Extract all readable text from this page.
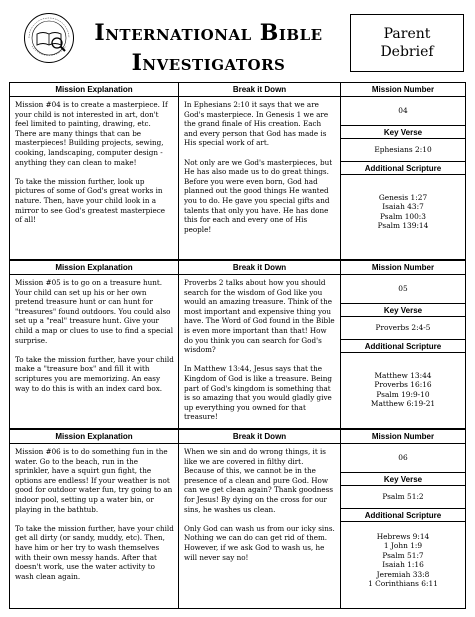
International Bible
Investigators
Parent
Debrief
Mission Explanation

Mission #04 is to create a masterpiece. If your child is not interested in art, don't feel limited to painting, drawing, etc. There are many things that can be masterpieces! Building projects, sewing, cooking, landscaping, computer design - anything they can clean to make!

To take the mission further, look up pictures of some of God's great works in nature. Then, have your child look in a mirror to see God's greatest masterpiece of all!

Break it Down

In Ephesians 2:10 it says that we are God's masterpiece. In Genesis 1 we are the grand finale of His creation. Each and every person that God has made is His special work of art.

Not only are we God's masterpieces, but He has also made us to do great things. Before you were even born, God had planned out the good things He wanted you to do. He gave you special gifts and talents that only you have. He has done this for each and every one of His people!

Mission Number
04
Key Verse
Ephesians 2:10
Additional Scripture
Genesis 1:27
Isaiah 43:7
Psalm 100:3
Psalm 139:14
Mission Explanation

Mission #05 is to go on a treasure hunt. Your child can set up his or her own pretend treasure hunt or can hunt for "treasures" found outdoors. You could also set up a "real" treasure hunt. Give your child a map or clues to use to find a special surprise.

To take the mission further, have your child make a "treasure box" and fill it with scriptures you are memorizing. An easy way to do this is with an index card box.

Break it Down

Proverbs 2 talks about how you should search for the wisdom of God like you would an amazing treasure. Think of the most important and expensive thing you have. The Word of God found in the Bible is even more important than that! How do you think you can search for God's wisdom?

In Matthew 13:44, Jesus says that the Kingdom of God is like a treasure. Being part of God's kingdom is something that is so amazing that you would gladly give up everything you owned for that treasure!

Mission Number
05
Key Verse
Proverbs 2:4-5
Additional Scripture
Matthew 13:44
Proverbs 16:16
Psalm 19:9-10
Matthew 6:19-21
Mission Explanation

Mission #06 is to do something fun in the water. Go to the beach, run in the sprinkler, have a squirt gun fight, the options are endless! If your weather is not good for outdoor water fun, try going to an indoor pool, setting up a water bin, or playing in the bathtub.

To take the mission further, have your child get all dirty (or sandy, muddy, etc). Then, have him or her try to wash themselves with their own messy hands. After that doesn't work, use the water activity to wash clean again.

Break it Down

When we sin and do wrong things, it is like we are covered in filthy dirt. Because of this, we cannot be in the presence of a clean and pure God. How can we get clean again? Thank goodness for Jesus! By dying on the cross for our sins, he washes us clean.

Only God can wash us from our icky sins. Nothing we can do can get rid of them. However, if we ask God to wash us, he will never say no!

Mission Number
06
Key Verse
Psalm 51:2
Additional Scripture
Hebrews 9:14
1 John 1:9
Psalm 51:7
Isaiah 1:16
Jeremiah 33:8
1 Corinthians 6:11
